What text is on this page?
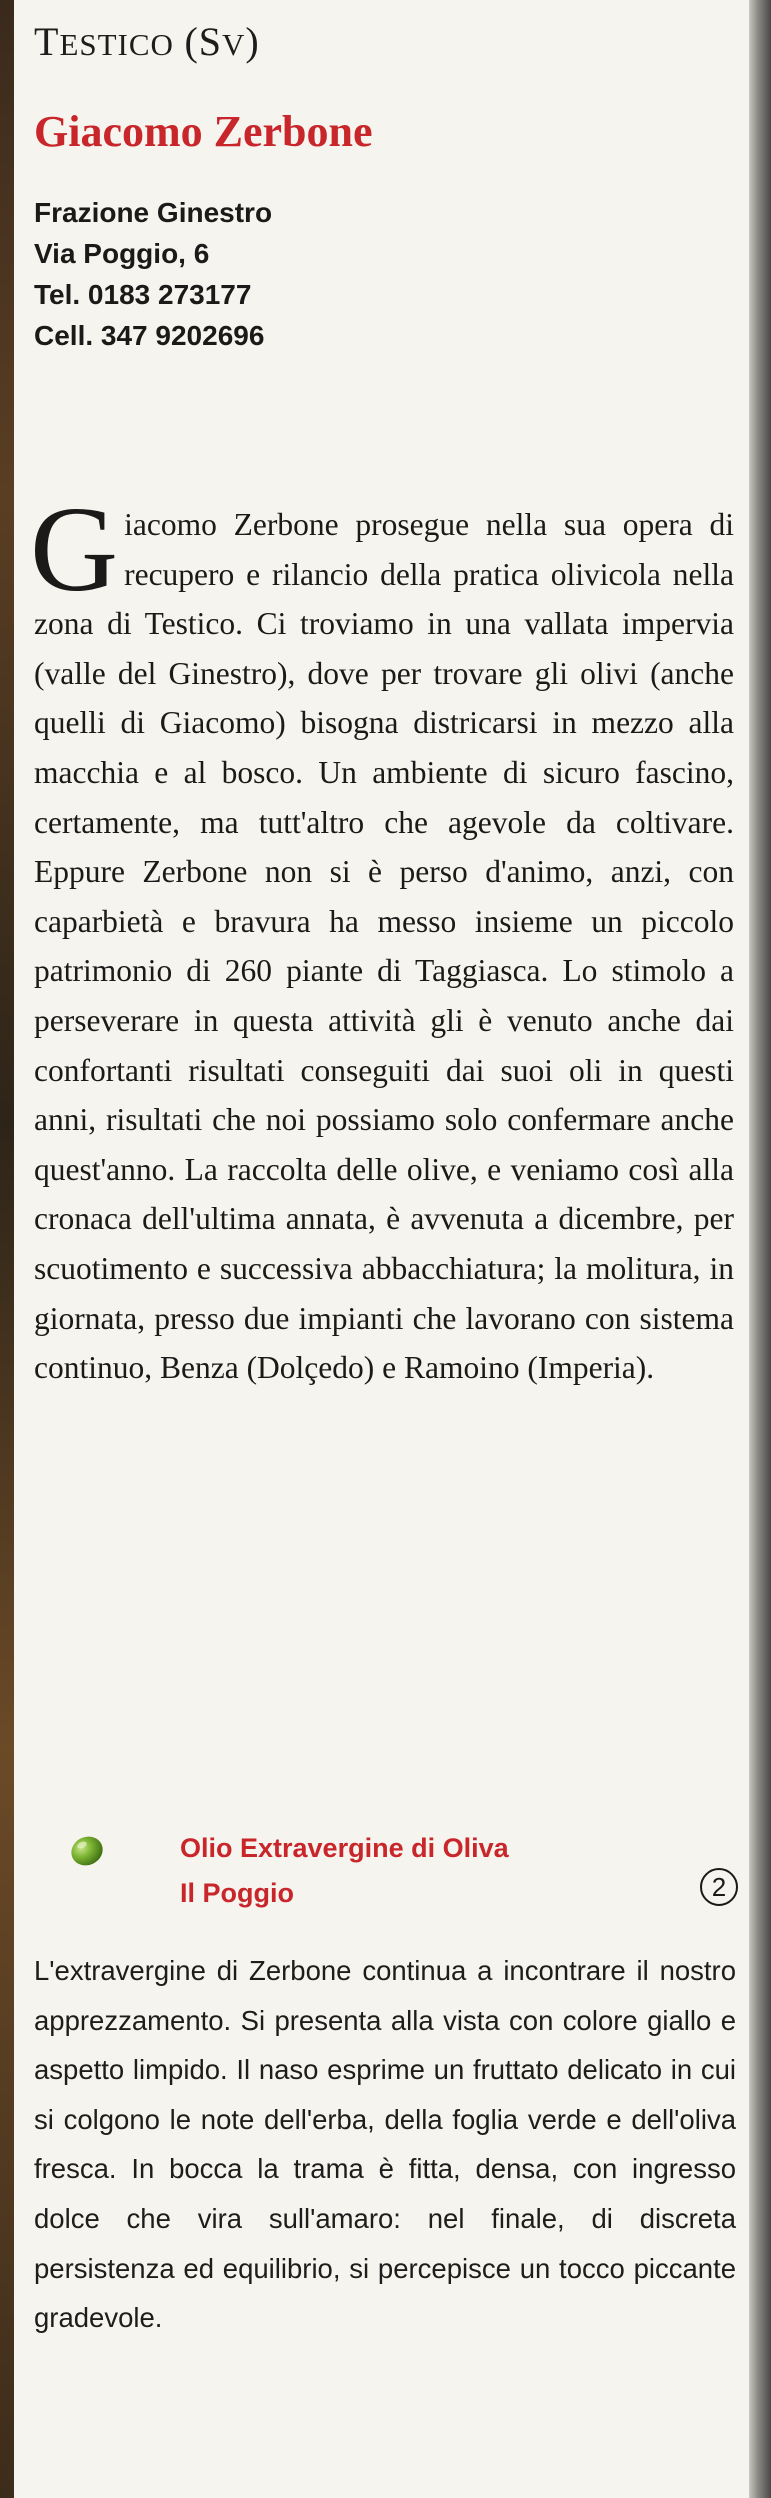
TESTICO (SV)
Giacomo Zerbone
Frazione Ginestro
Via Poggio, 6
Tel. 0183 273177
Cell. 347 9202696
Giacomo Zerbone prosegue nella sua opera di recupero e rilancio della pratica olivicola nella zona di Testico. Ci troviamo in una vallata impervia (valle del Ginestro), dove per trovare gli olivi (anche quelli di Giacomo) bisogna districarsi in mezzo alla macchia e al bosco. Un ambiente di sicuro fascino, certamente, ma tutt'altro che agevole da coltivare. Eppure Zerbone non si è perso d'animo, anzi, con caparbietà e bravura ha messo insieme un piccolo patrimonio di 260 piante di Taggiasca. Lo stimolo a perseverare in questa attività gli è venuto anche dai confortanti risultati conseguiti dai suoi oli in questi anni, risultati che noi possiamo solo confermare anche quest'anno. La raccolta delle olive, e veniamo così alla cronaca dell'ultima annata, è avvenuta a dicembre, per scuotimento e successiva abbacchiatura; la molitura, in giornata, presso due impianti che lavorano con sistema continuo, Benza (Dolçedo) e Ramoino (Imperia).
Olio Extravergine di Oliva
Il Poggio	2
L'extravergine di Zerbone continua a incontrare il nostro apprezzamento. Si presenta alla vista con colore giallo e aspetto limpido. Il naso esprime un fruttato delicato in cui si colgono le note dell'erba, della foglia verde e dell'oliva fresca. In bocca la trama è fitta, densa, con ingresso dolce che vira sull'amaro: nel finale, di discreta persistenza ed equilibrio, si percepisce un tocco piccante gradevole.
